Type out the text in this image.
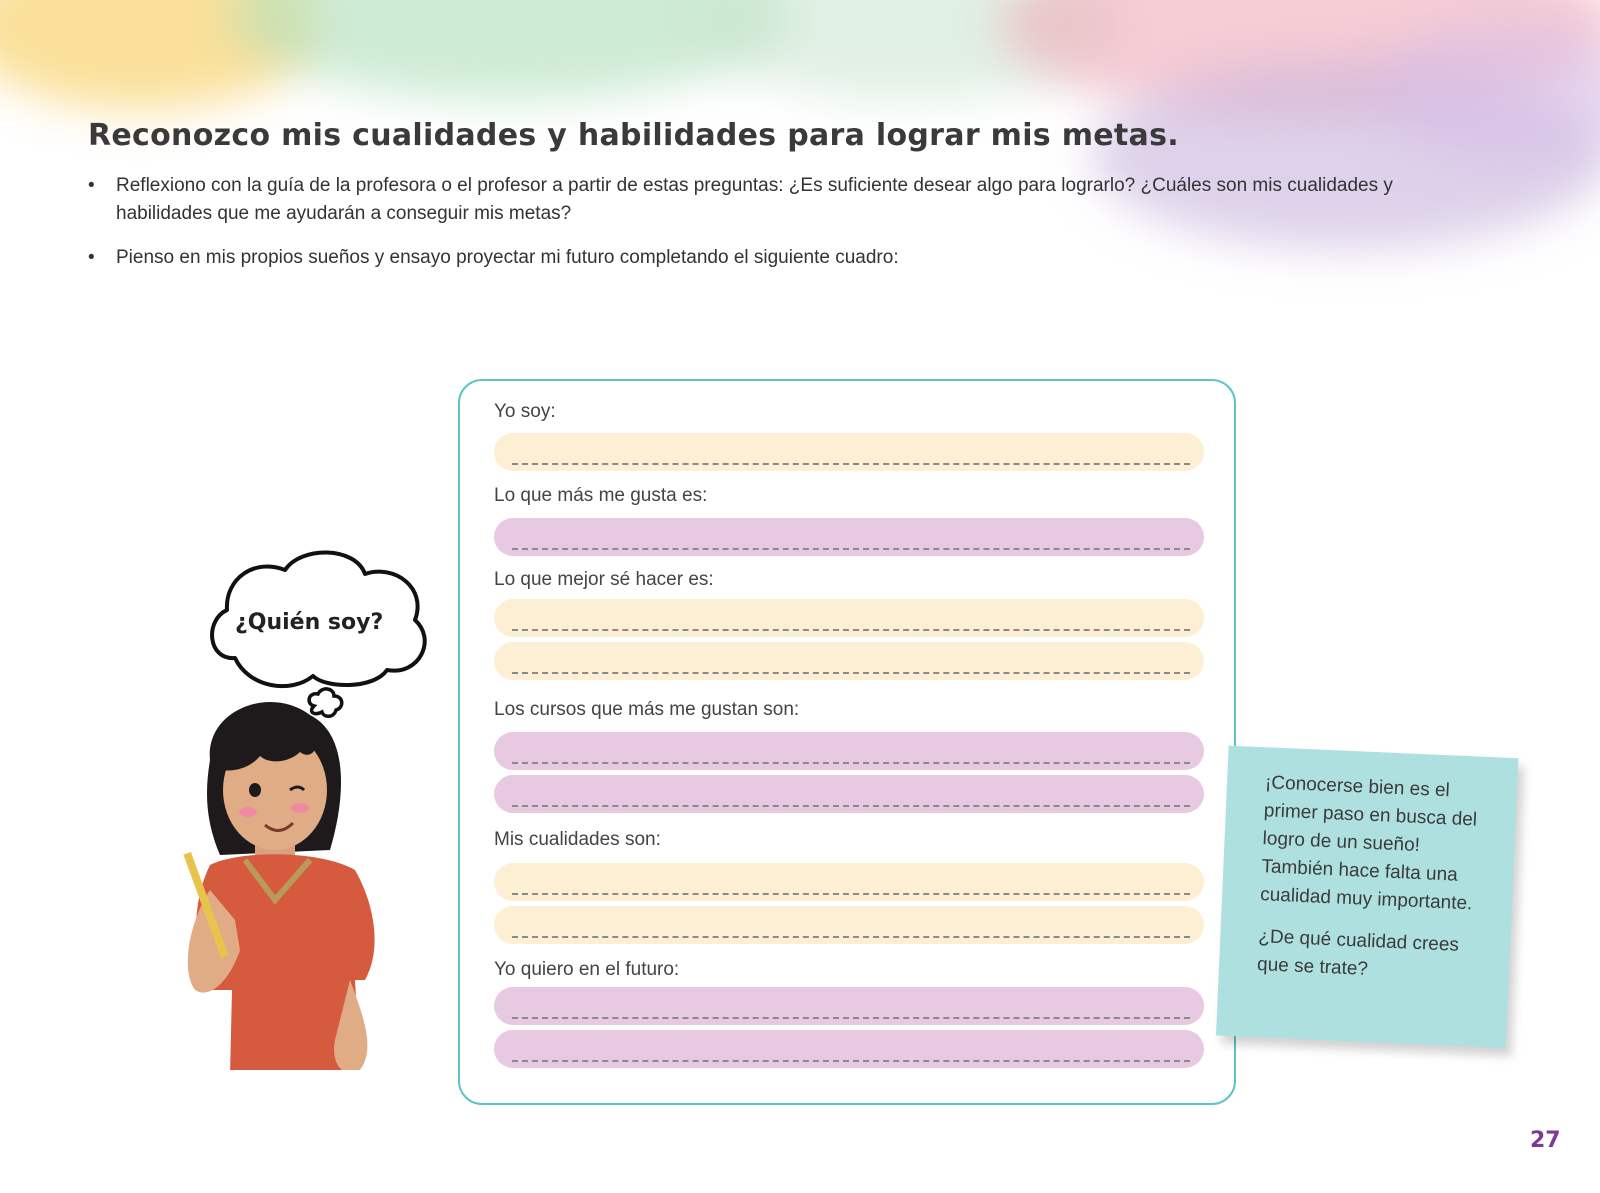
Reconozco mis cualidades y habilidades para lograr mis metas.
• Reflexiono con la guía de la profesora o el profesor a partir de estas preguntas: ¿Es suficiente desear algo para lograrlo? ¿Cuáles son mis cualidades y habilidades que me ayudarán a conseguir mis metas?
• Pienso en mis propios sueños y ensayo proyectar mi futuro completando el siguiente cuadro:
Yo soy:
Lo que más me gusta es:
Lo que mejor sé hacer es:
Los cursos que más me gustan son:
Mis cualidades son:
Yo quiero en el futuro:
¿Quién soy?

¡Conocerse bien es el primer paso en busca del logro de un sueño! También hace falta una cualidad muy importante.

¿De qué cualidad crees que se trate?

27
